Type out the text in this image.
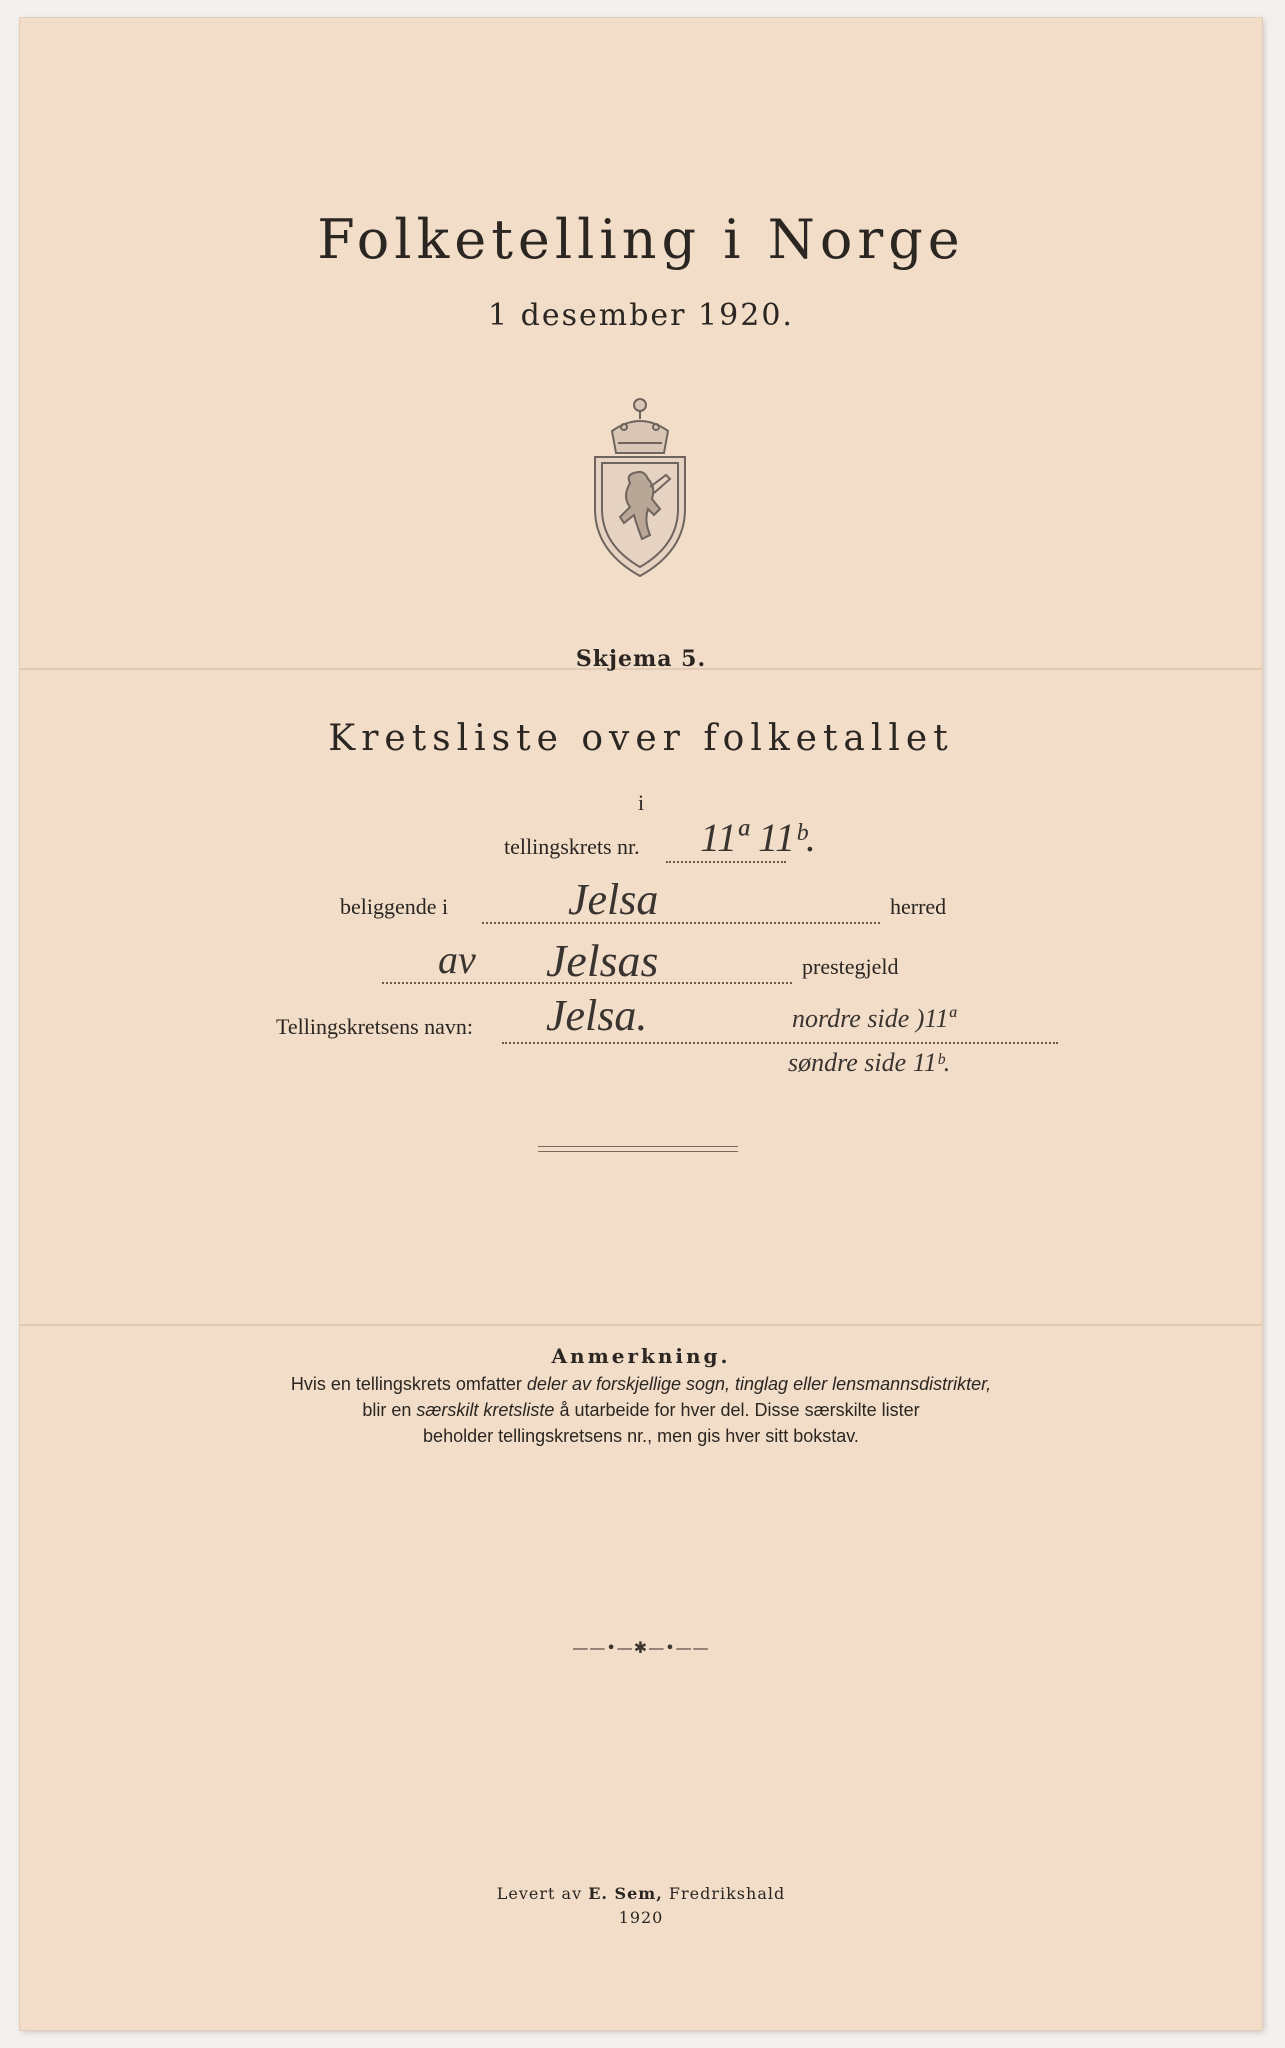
Folketelling i Norge
1 desember 1920.
Skjema 5.
Kretsliste over folketallet
i
tellingskrets nr. 11ª 11ᵇ.
beliggende i	Jelsa	herred
av Jelsas	prestegjeld
Tellingskretsens navn: Jelsa.	nordre side )11ª
søndre side 11ᵇ.
Anmerkning.
Hvis en tellingskrets omfatter deler av forskjellige sogn, tinglag eller lensmannsdistrikter,
blir en særskilt kretsliste å utarbeide for hver del. Disse særskilte lister
beholder tellingskretsens nr., men gis hver sitt bokstav.
——•—✱—•——
Levert av E. Sem, Fredrikshald
1920
